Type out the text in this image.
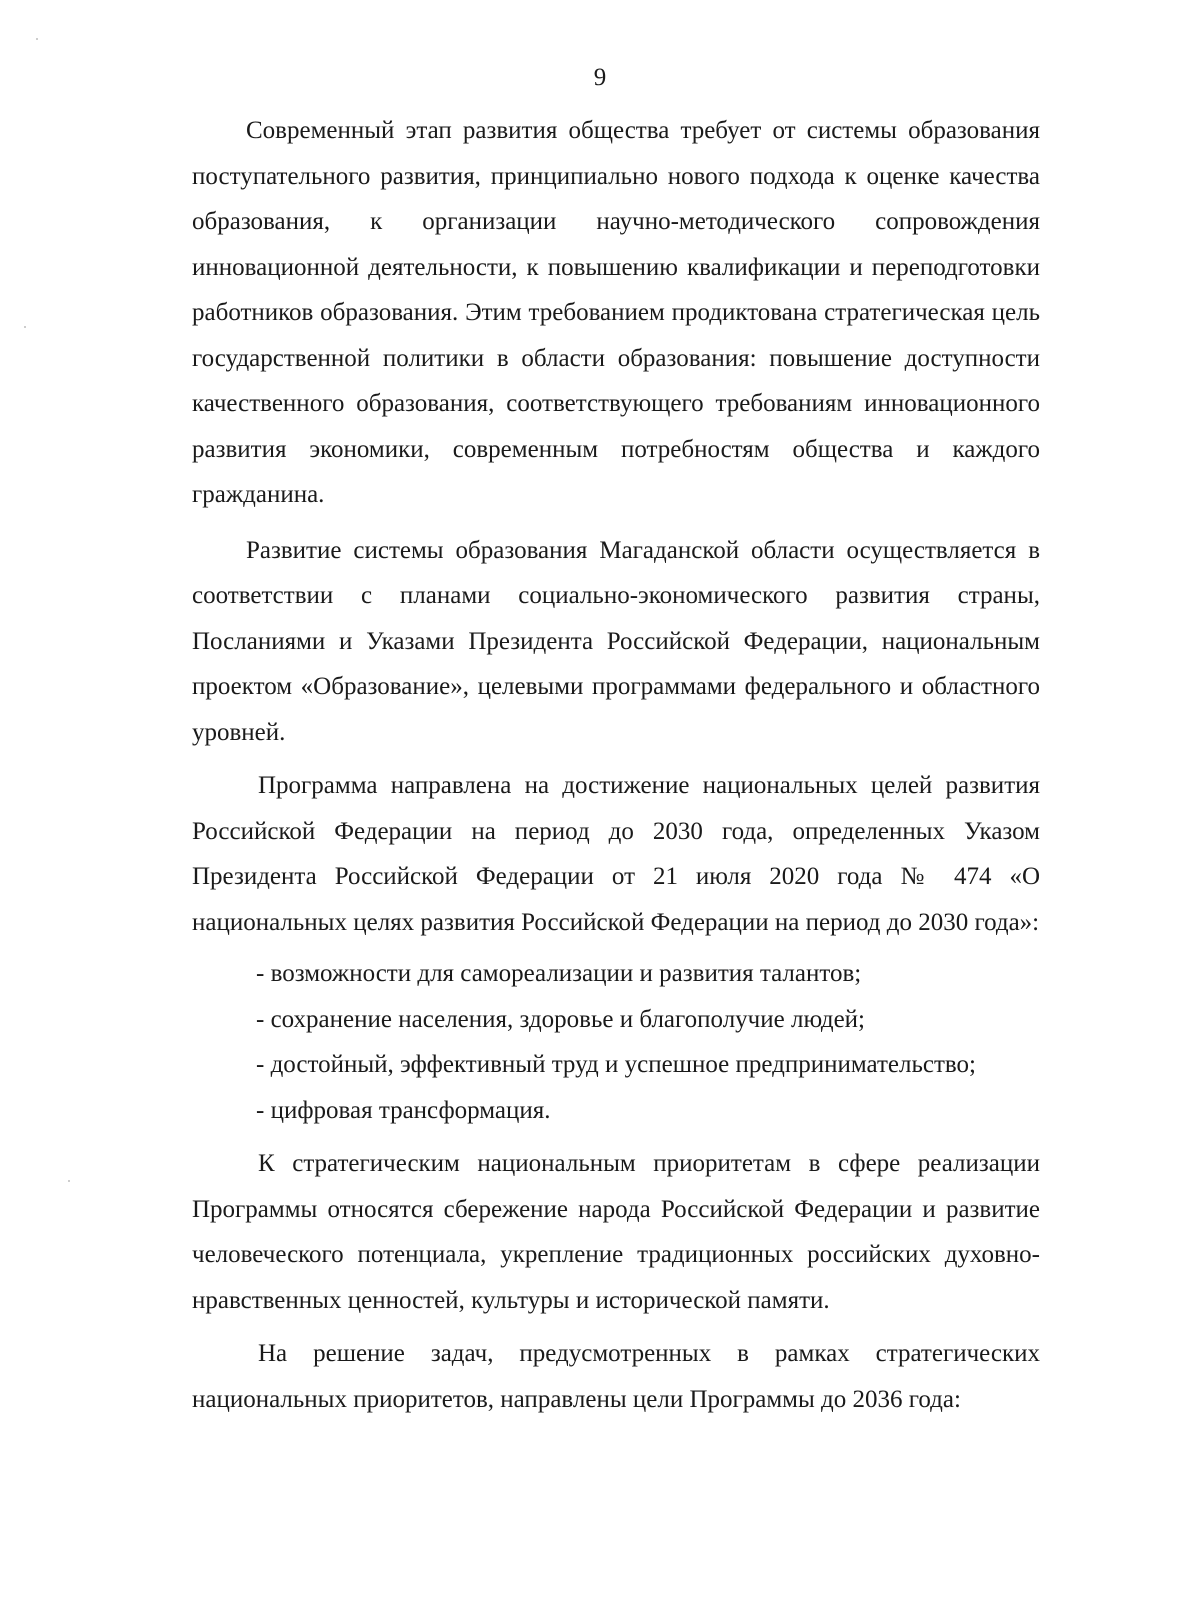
9

Современный этап развития общества требует от системы образования поступательного развития, принципиально нового подхода к оценке качества образования, к организации научно-методического сопровождения инновационной деятельности, к повышению квалификации и переподготовки работников образования. Этим требованием продиктована стратегическая цель государственной политики в области образования: повышение доступности качественного образования, соответствующего требованиям инновационного развития экономики, современным потребностям общества и каждого гражданина.

Развитие системы образования Магаданской области осуществляется в соответствии с планами социально-экономического развития страны, Посланиями и Указами Президента Российской Федерации, национальным проектом «Образование», целевыми программами федерального и областного уровней.

Программа направлена на достижение национальных целей развития Российской Федерации на период до 2030 года, определенных Указом Президента Российской Федерации от 21 июля 2020 года № 474 «О национальных целях развития Российской Федерации на период до 2030 года»:

- возможности для самореализации и развития талантов;

- сохранение населения, здоровье и благополучие людей;

- достойный, эффективный труд и успешное предпринимательство;

- цифровая трансформация.

К стратегическим национальным приоритетам в сфере реализации Программы относятся сбережение народа Российской Федерации и развитие человеческого потенциала, укрепление традиционных российских духовно-нравственных ценностей, культуры и исторической памяти.

На решение задач, предусмотренных в рамках стратегических национальных приоритетов, направлены цели Программы до 2036 года:
